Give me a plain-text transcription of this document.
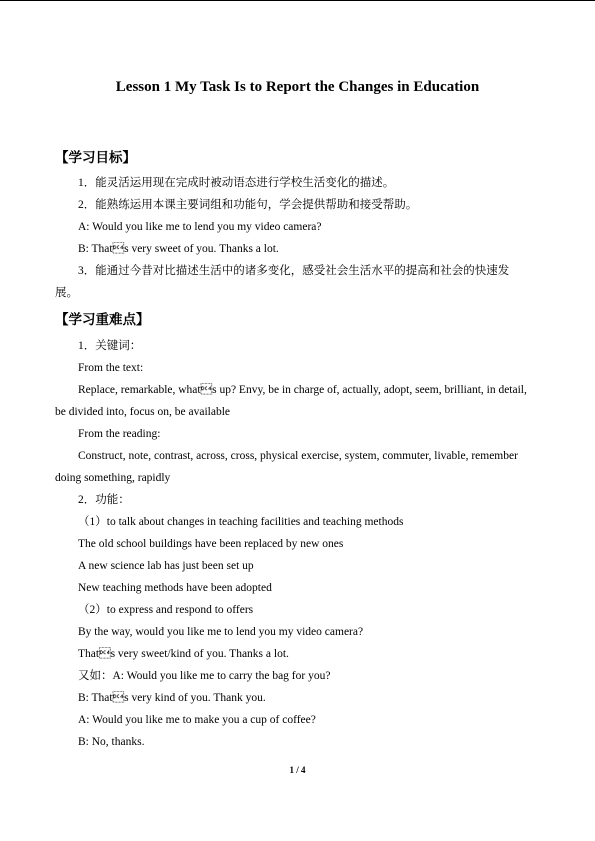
Lesson 1 My Task Is to Report the Changes in Education
【学习目标】
1．能灵活运用现在完成时被动语态进行学校生活变化的描述。
2．能熟练运用本课主要词组和功能句，学会提供帮助和接受帮助。
A: Would you like me to lend you my video camera?
B: Thats very sweet of you. Thanks a lot.
3．能通过今昔对比描述生活中的诸多变化，感受社会生活水平的提高和社会的快速发
展。
【学习重难点】
1．关键词：
From the text:
Replace, remarkable, whats up? Envy, be in charge of, actually, adopt, seem, brilliant, in detail,
be divided into, focus on, be available
From the reading:
Construct, note, contrast, across, cross, physical exercise, system, commuter, livable, remember
doing something, rapidly
2．功能：
（1）to talk about changes in teaching facilities and teaching methods
The old school buildings have been replaced by new ones
A new science lab has just been set up
New teaching methods have been adopted
（2）to express and respond to offers
By the way, would you like me to lend you my video camera?
Thats very sweet/kind of you. Thanks a lot.
又如：A: Would you like me to carry the bag for you?
B: Thats very kind of you. Thank you.
A: Would you like me to make you a cup of coffee?
B: No, thanks.
1 / 4
